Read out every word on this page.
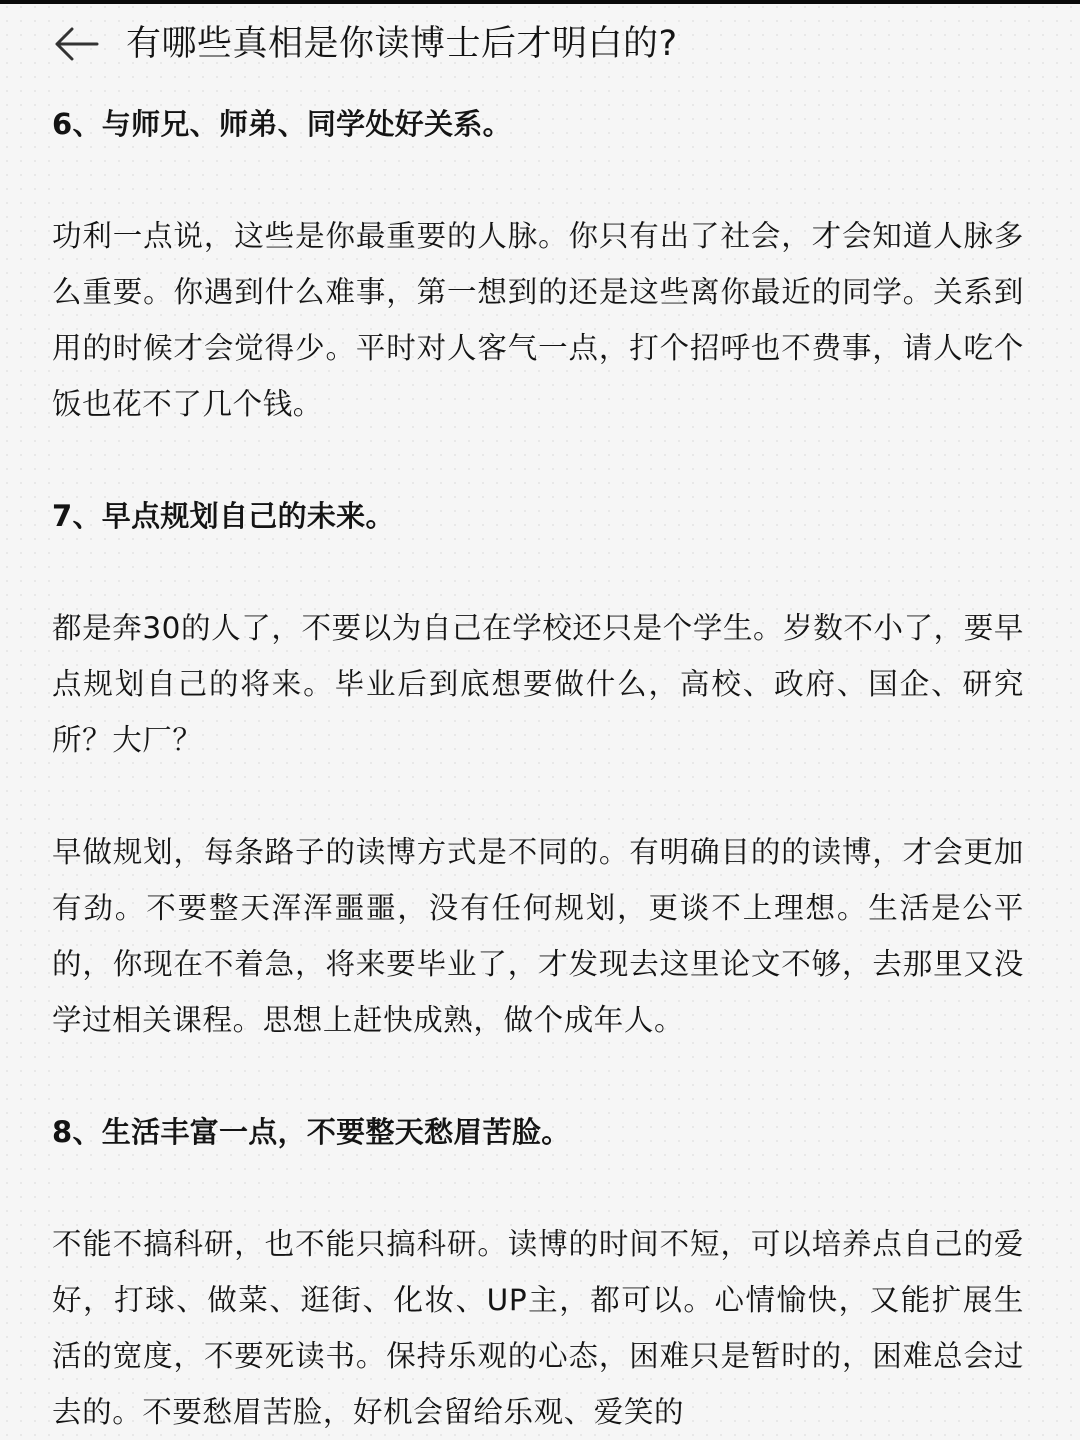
有哪些真相是你读博士后才明白的?
6、与师兄、师弟、同学处好关系。

功利一点说，这些是你最重要的人脉。你只有出了社会，才会知道人脉多么重要。你遇到什么难事，第一想到的还是这些离你最近的同学。关系到用的时候才会觉得少。平时对人客气一点，打个招呼也不费事，请人吃个饭也花不了几个钱。

7、早点规划自己的未来。

都是奔30的人了，不要以为自己在学校还只是个学生。岁数不小了，要早点规划自己的将来。毕业后到底想要做什么，高校、政府、国企、研究所？大厂？

早做规划，每条路子的读博方式是不同的。有明确目的的读博，才会更加有劲。不要整天浑浑噩噩，没有任何规划，更谈不上理想。生活是公平的，你现在不着急，将来要毕业了，才发现去这里论文不够，去那里又没学过相关课程。思想上赶快成熟，做个成年人。

8、生活丰富一点，不要整天愁眉苦脸。

不能不搞科研，也不能只搞科研。读博的时间不短，可以培养点自己的爱好，打球、做菜、逛街、化妆、UP主，都可以。心情愉快，又能扩展生活的宽度，不要死读书。保持乐观的心态，困难只是暂时的，困难总会过去的。不要愁眉苦脸，好机会留给乐观、爱笑的
